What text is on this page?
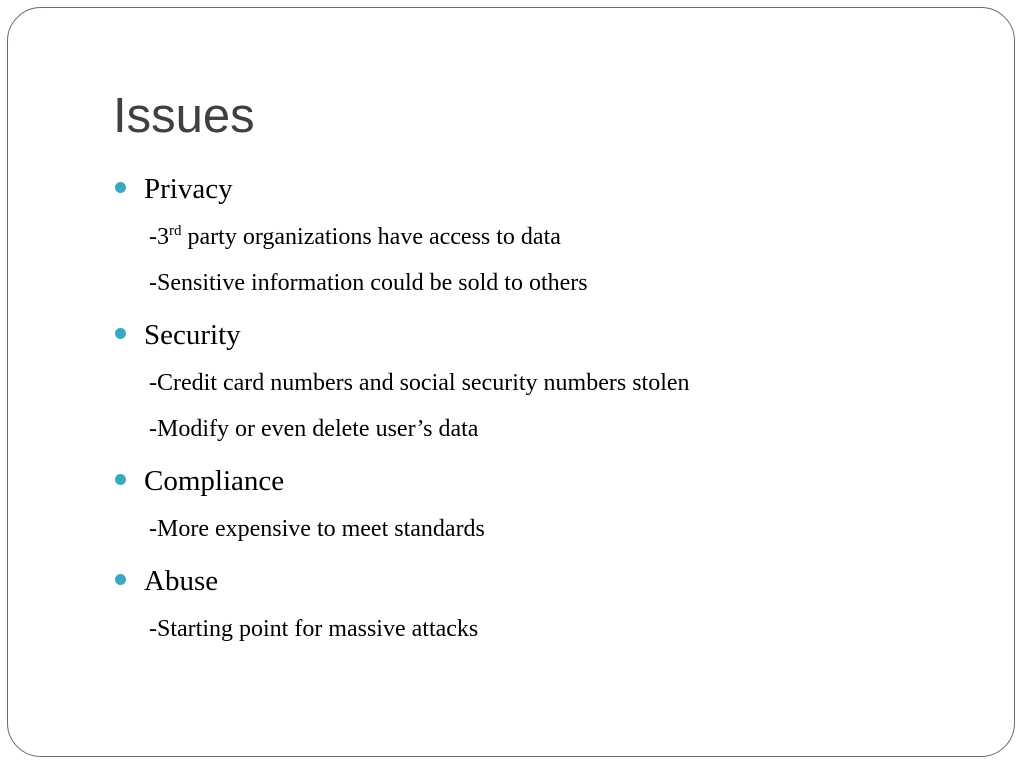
Issues
Privacy
-3rd party organizations have access to data
-Sensitive information could be sold to others
Security
-Credit card numbers and social security numbers stolen
-Modify or even delete user’s data
Compliance
-More expensive to meet standards
Abuse
-Starting point for massive attacks
